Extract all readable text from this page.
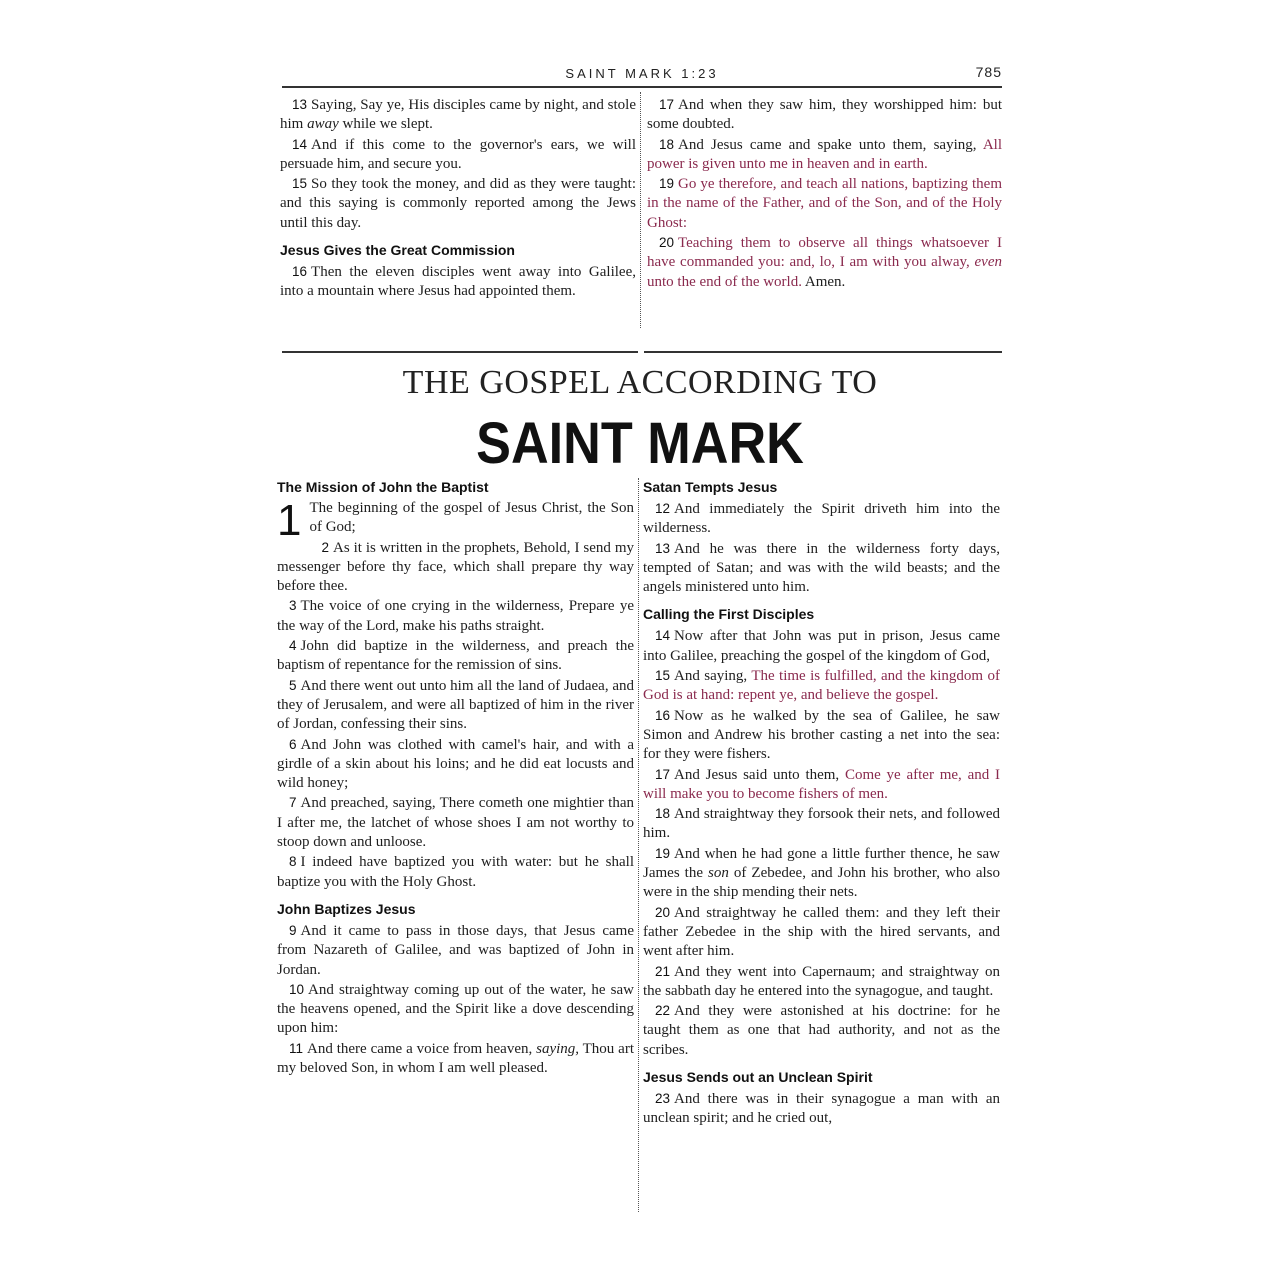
SAINT MARK 1:23	785

13 Saying, Say ye, His disciples came by night, and stole him away while we slept.

14 And if this come to the governor's ears, we will persuade him, and secure you.

15 So they took the money, and did as they were taught: and this saying is commonly reported among the Jews until this day.

Jesus Gives the Great Commission

16 Then the eleven disciples went away into Galilee, into a mountain where Jesus had appointed them.

17 And when they saw him, they worshipped him: but some doubted.

18 And Jesus came and spake unto them, saying, All power is given unto me in heaven and in earth.

19 Go ye therefore, and teach all nations, baptizing them in the name of the Father, and of the Son, and of the Holy Ghost:

20 Teaching them to observe all things whatsoever I have commanded you: and, lo, I am with you alway, even unto the end of the world. Amen.

THE GOSPEL ACCORDING TO
SAINT MARK
The Mission of John the Baptist

1 The beginning of the gospel of Jesus Christ, the Son of God;

2 As it is written in the prophets, Behold, I send my messenger before thy face, which shall prepare thy way before thee.

3 The voice of one crying in the wilderness, Prepare ye the way of the Lord, make his paths straight.

4 John did baptize in the wilderness, and preach the baptism of repentance for the remission of sins.

5 And there went out unto him all the land of Judaea, and they of Jerusalem, and were all baptized of him in the river of Jordan, confessing their sins.

6 And John was clothed with camel's hair, and with a girdle of a skin about his loins; and he did eat locusts and wild honey;

7 And preached, saying, There cometh one mightier than I after me, the latchet of whose shoes I am not worthy to stoop down and unloose.

8 I indeed have baptized you with water: but he shall baptize you with the Holy Ghost.

John Baptizes Jesus

9 And it came to pass in those days, that Jesus came from Nazareth of Galilee, and was baptized of John in Jordan.

10 And straightway coming up out of the water, he saw the heavens opened, and the Spirit like a dove descending upon him:

11 And there came a voice from heaven, saying, Thou art my beloved Son, in whom I am well pleased.

Satan Tempts Jesus

12 And immediately the Spirit driveth him into the wilderness.

13 And he was there in the wilderness forty days, tempted of Satan; and was with the wild beasts; and the angels ministered unto him.

Calling the First Disciples

14 Now after that John was put in prison, Jesus came into Galilee, preaching the gospel of the kingdom of God,

15 And saying, The time is fulfilled, and the kingdom of God is at hand: repent ye, and believe the gospel.

16 Now as he walked by the sea of Galilee, he saw Simon and Andrew his brother casting a net into the sea: for they were fishers.

17 And Jesus said unto them, Come ye after me, and I will make you to become fishers of men.

18 And straightway they forsook their nets, and followed him.

19 And when he had gone a little further thence, he saw James the son of Zebedee, and John his brother, who also were in the ship mending their nets.

20 And straightway he called them: and they left their father Zebedee in the ship with the hired servants, and went after him.

21 And they went into Capernaum; and straightway on the sabbath day he entered into the synagogue, and taught.

22 And they were astonished at his doctrine: for he taught them as one that had authority, and not as the scribes.

Jesus Sends out an Unclean Spirit

23 And there was in their synagogue a man with an unclean spirit; and he cried out,
